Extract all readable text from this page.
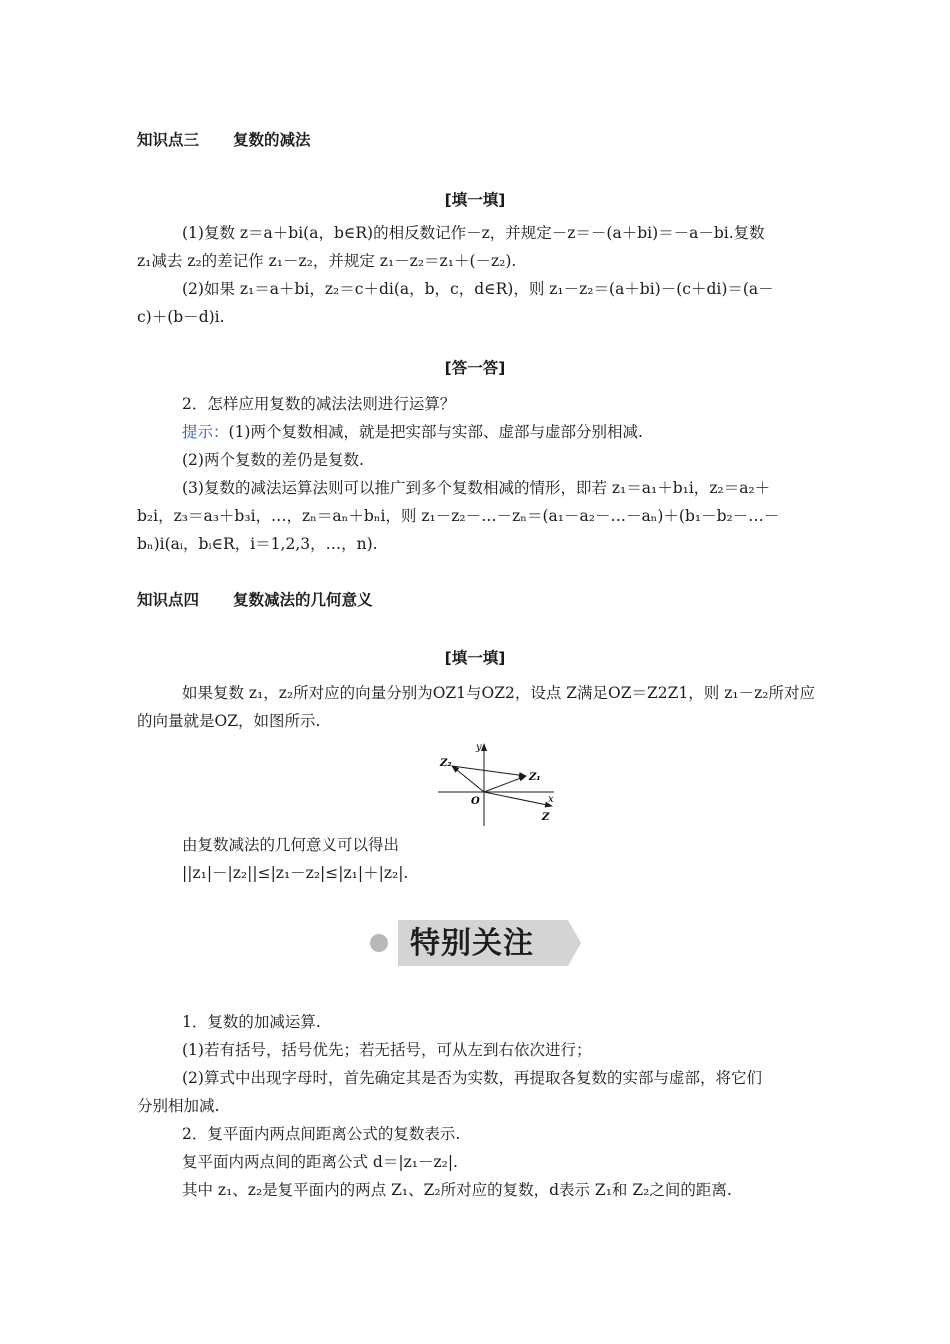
知识点三 复数的减法
[填一填]
(1)复数 z＝a＋bi(a，b∈R)的相反数记作－z，并规定－z＝－(a＋bi)＝－a－bi.复数
z₁减去 z₂的差记作 z₁－z₂，并规定 z₁－z₂＝z₁＋(－z₂).
(2)如果 z₁＝a＋bi，z₂＝c＋di(a，b，c，d∈R)，则 z₁－z₂＝(a＋bi)－(c＋di)＝(a－
c)＋(b－d)i.
[答一答]
2．怎样应用复数的减法法则进行运算？
提示：(1)两个复数相减，就是把实部与实部、虚部与虚部分别相减.
(2)两个复数的差仍是复数.
(3)复数的减法运算法则可以推广到多个复数相减的情形，即若 z₁＝a₁＋b₁i，z₂＝a₂＋
b₂i，z₃＝a₃＋b₃i，…，zₙ＝aₙ＋bₙi，则 z₁－z₂－…－zₙ＝(a₁－a₂－…－aₙ)＋(b₁－b₂－…－
bₙ)i(aᵢ，bᵢ∈R，i＝1,2,3，…，n).
知识点四 复数减法的几何意义
[填一填]
如果复数 z₁，z₂所对应的向量分别为OZ1与OZ2，设点 Z满足OZ＝Z2Z1，则 z₁－z₂所对应
的向量就是OZ，如图所示.
y
x
O
Z
Z₁
Z₂
由复数减法的几何意义可以得出
||z₁|－|z₂||≤|z₁－z₂|≤|z₁|＋|z₂|.
特别关注
1．复数的加减运算.
(1)若有括号，括号优先；若无括号，可从左到右依次进行；
(2)算式中出现字母时，首先确定其是否为实数，再提取各复数的实部与虚部，将它们
分别相加减.
2．复平面内两点间距离公式的复数表示.
复平面内两点间的距离公式 d＝|z₁－z₂|.
其中 z₁、z₂是复平面内的两点 Z₁、Z₂所对应的复数，d表示 Z₁和 Z₂之间的距离.
